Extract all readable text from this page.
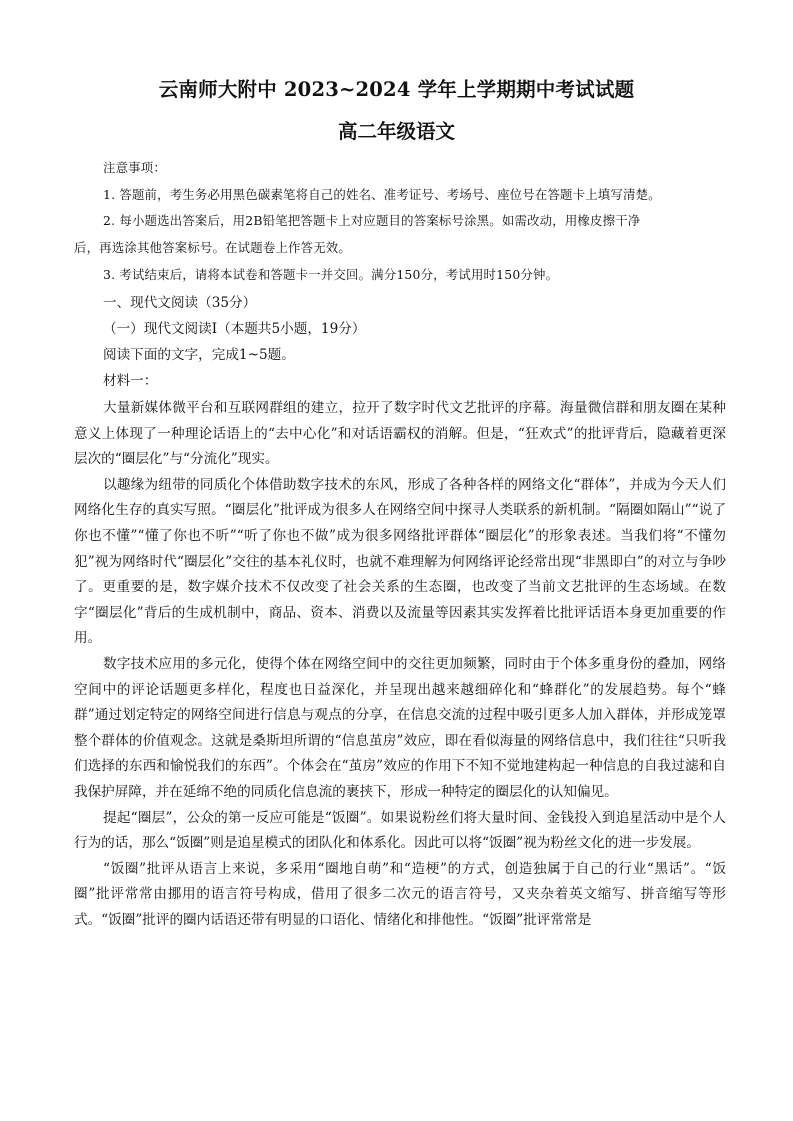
云南师大附中 2023~2024 学年上学期期中考试试题
高二年级语文
注意事项：
1. 答题前，考生务必用黑色碳素笔将自己的姓名、准考证号、考场号、座位号在答题卡上填写清楚。
2. 每小题选出答案后，用2B铅笔把答题卡上对应题目的答案标号涂黑。如需改动，用橡皮擦干净
后，再选涂其他答案标号。在试题卷上作答无效。
3. 考试结束后，请将本试卷和答题卡一并交回。满分150分，考试用时150分钟。
一、现代文阅读（35分）
（一）现代文阅读Ⅰ（本题共5小题，19分）
阅读下面的文字，完成1~5题。
材料一：

大量新媒体微平台和互联网群组的建立，拉开了数字时代文艺批评的序幕。海量微信群和朋友圈在某种意义上体现了一种理论话语上的“去中心化”和对话语霸权的消解。但是，“狂欢式”的批评背后，隐藏着更深层次的“圈层化”与“分流化”现实。

以趣缘为纽带的同质化个体借助数字技术的东风，形成了各种各样的网络文化“群体”，并成为今天人们网络化生存的真实写照。“圈层化”批评成为很多人在网络空间中探寻人类联系的新机制。“隔圈如隔山”“说了你也不懂”“懂了你也不听”“听了你也不做”成为很多网络批评群体“圈层化”的形象表述。当我们将“不懂勿犯”视为网络时代“圈层化”交往的基本礼仪时，也就不难理解为何网络评论经常出现“非黑即白”的对立与争吵了。更重要的是，数字媒介技术不仅改变了社会关系的生态圈，也改变了当前文艺批评的生态场域。在数字“圈层化”背后的生成机制中，商品、资本、消费以及流量等因素其实发挥着比批评话语本身更加重要的作用。

数字技术应用的多元化，使得个体在网络空间中的交往更加频繁，同时由于个体多重身份的叠加，网络空间中的评论话题更多样化，程度也日益深化，并呈现出越来越细碎化和“蜂群化”的发展趋势。每个“蜂群”通过划定特定的网络空间进行信息与观点的分享，在信息交流的过程中吸引更多人加入群体，并形成笼罩整个群体的价值观念。这就是桑斯坦所谓的“信息茧房”效应，即在看似海量的网络信息中，我们往往“只听我们选择的东西和愉悦我们的东西”。个体会在“茧房”效应的作用下不知不觉地建构起一种信息的自我过滤和自我保护屏障，并在延绵不绝的同质化信息流的裹挟下，形成一种特定的圈层化的认知偏见。

提起“圈层”，公众的第一反应可能是“饭圈”。如果说粉丝们将大量时间、金钱投入到追星活动中是个人行为的话，那么“饭圈”则是追星模式的团队化和体系化。因此可以将“饭圈”视为粉丝文化的进一步发展。

“饭圈”批评从语言上来说，多采用“圈地自萌”和“造梗”的方式，创造独属于自己的行业“黑话”。“饭圈”批评常常由挪用的语言符号构成，借用了很多二次元的语言符号，又夹杂着英文缩写、拼音缩写等形式。“饭圈”批评的圈内话语还带有明显的口语化、情绪化和排他性。“饭圈”批评常常是
